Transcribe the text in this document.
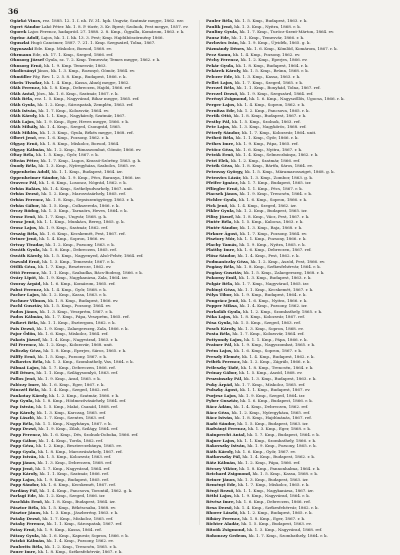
36
Ogárkó Vincs, rez. 1885. 12. 1. I. nh. IV. 31. hpk. Ungvár, Szatmár megye, 1862. ezr.
Ogert Sándor Lakó Péter. hk. 1. 8. P. tüzér, 3. Kr. Bpest; Szolnok, Pest megye, 1857. ev.
Ogorek Lajos Ferencz, hadapród. 27. 1888. 2. 8. Kmp., Ógyalla, Komárom, 1863. r. k.
Ogrinc Adolf, Lajos, hk. 1. I. hk. 13. 3. Pest; Kmp. Hajdúböszörmény 1866.
Oguszlai Hugó Cancimer, 1887. 7. 21. 1. Kmp. Szegszárd, Tolna, 1867.
Ogynszaki Ede. Kmp. Miskolcz, Borsod, 1868. ev.
Ohrmann Ede, nh. 17. 1. Kmp., Szeged, 1866. ref.
Ohnsorg József Gyula, sz. 7. 2. Kmp. Temesvár, Temes megye, 1862. r. k.
Ohnsorg Ernő, hk. 1. 9. Kmp. Temesvár, 1863.
Okolicsányi János, hk. 1. 3. Kmp., Rozsnyó, Gömör, 1864. ev.
Ohmüller Fáy, Rev. 1. 2. 5. 8. Kmp., Budapest, 1866. r. k.
Okrös Tivadar, hk. 1. 4. Kmp., Kassa, Abaúj megye, 1862.
Oláh Ferencz, hk. 1. 8. Kmp., Debreczen, Hajdú, 1866. ref.
Oláh Antal, Józs., hk. 1. 6. Kmp., Szatmár, 1867. r. k.
Oláh Béla, rez. 1. 5. Kmp., Nagyvárad, Bihar megye, 1865. ref.
Oláh Gyula, hk. 1. 2. Kmp., Sárospatak, Zemplén, 1863. ref.
Oláh István, hk. 1. 7. Kmp., Kolozsvár, 1864. ev.
Oláh Károly, hk. 1. 1. Kmp., Nagykároly, Szatmár, 1867.
Oláh Lajos, hk. 1. 9. Kmp., Eger, Heves megye, 1866. r. k.
Oláh Mihály, hk. 1. 4. Kmp., Szeged, Csongrád, 1865.
Oláh Miklós, hk. 1. 3. Kmp., Gyula, Békés megye, 1868. ref.
Olbert Jenő, rez. 1. 6. Kmp., Pozsony, 1862. r. k.
Olgyay Ernő, hk. 1. 8. Kmp., Miskolcz, Borsod, 1864.
Olgyay Kálmán, hk. 1. 2. Kmp., Rimaszombat, Gömör, 1866. ev.
Oltay Béla, hk. 1. 5. Kmp., Győr, 1867. r. k.
Olteán Péter, hk. 1. 7. Kmp., Lugos, Krassó-Szörény, 1863. g. k.
Ónody Béla, hk. 1. 3. Kmp., Nyíregyháza, Szabolcs, 1865. ev.
Oppenheim Adolf, hk. 1. 1. Kmp., Budapest, 1864. izr.
Oppenheimer Sándor, hk. 1. 9. Kmp., Pécs, Baranya, 1866. izr.
Oravecz Pál, hk. 1. 6. Kmp., Losoncz, Nógrád, 1862. r. k.
Orbán Balázs, hk. 1. 4. Kmp., Székelyudvarhely, 1867. unit.
Orbán Dezső, hk. 1. 2. Kmp., Marosvásárhely, 1865. ref.
Orbán Ferencz, hk. 1. 8. Kmp., Sepsiszentgyörgy, 1863. r. k.
Orbán Gábor, hk. 1. 5. Kmp., Csíkszereda, 1866. r. k.
Orczy Bódog, hk. 1. 3. Kmp., Tarnaörs, Heves, 1864. r. k.
Orosz Ernő, hk. 1. 7. Kmp., Ungvár, 1868. g. k.
Orosz Jenő, hk. 1. 1. Kmp., Munkács, Bereg, 1865. g. k.
Orosz Lajos, hk. 1. 9. Kmp., Szatmár, 1862. ref.
Ország Béla, hk. 1. 6. Kmp., Kecskemét, Pest, 1867. ref.
Ortner Jenő, hk. 1. 4. Kmp., Sopron, 1866. ev.
Ortvay Tivadar, hk. 1. 2. Kmp., Pozsony, 1863. r. k.
Osváth Gyula, hk. 1. 8. Kmp., Debreczen, 1865. ref.
Osváth Károly, hk. 1. 5. Kmp., Nagyenyed, Alsó-Fehér, 1864. ref.
Oszvald Ernő, hk. 1. 3. Kmp., Temesvár, 1867. r. k.
Ottlik Géza, hk. 1. 7. Kmp., Besztercze, 1862. ev.
Ottó Ferencz, hk. 1. 1. Kmp., Szabadka, Bács-Bodrog, 1866. r. k.
Ováry Lipót, hk. 1. 9. Kmp., Nagykanizsa, Zala, 1864. izr.
Ozoray Árpád, hk. 1. 6. Kmp., Komárom, 1865. ref.
Pabst Ferencz, hk. 1. 4. Kmp., Győr, 1868. r. k.
Pacher Lajos, hk. 1. 2. Kmp., Kassa, 1863. r. k.
Pachner Vilmos, hk. 1. 8. Kmp., Budapest, 1866. ev.
Pachl Gusztáv, hk. 1. 5. Kmp., Pozsony, 1864. ev.
Pados János, hk. 1. 3. Kmp., Veszprém, 1867. r. k.
Pados Kálmán, hk. 1. 7. Kmp., Pápa, Veszprém, 1865. ref.
Paikert Béla, hk. 1. 1. Kmp., Esztergom, 1862. r. k.
Pais Dezső, hk. 1. 9. Kmp., Zalaegerszeg, Zala, 1866. r. k.
Pajor Ödön, hk. 1. 6. Kmp., Miskolcz, 1864. ref.
Pakots József, hk. 1. 4. Kmp., Nagyvárad, 1863. r. k.
Pál Ferencz, hk. 1. 2. Kmp., Kolozsvár, 1868. unit.
Paliczky Géza, hk. 1. 8. Kmp., Eperjes, Sáros, 1865. r. k.
Pálffy Ernő, hk. 1. 5. Kmp., Pozsony, 1867. r. k.
Palkovics Béla, hk. 1. 3. Kmp., Szombathely, Vas, 1864. r. k.
Pálmai Lajos, hk. 1. 7. Kmp., Debreczen, 1866. ref.
Páll Dénes, hk. 1. 1. Kmp., Szilágysomlyó, 1863. ref.
Pallos Jenő, hk. 1. 9. Kmp., Arad, 1865. r. k.
Palóczy Imre, hk. 1. 6. Kmp., Eger, 1867. r. k.
Pánczél Béla, hk. 1. 4. Kmp., Szeged, 1862. ref.
Pankotay Károly, hk. 1. 2. Kmp., Szatmár, 1866. r. k.
Pap Gyula, hk. 1. 8. Kmp., Hódmezővásárhely, 1864. ref.
Pap István, hk. 1. 5. Kmp., Makó, Csanád, 1868. ref.
Pap Károly, hk. 1. 3. Kmp., Karczag, 1865. ref.
Pap László, hk. 1. 7. Kmp., Szentes, 1863. ref.
Papp Béla, hk. 1. 1. Kmp., Nagybánya, 1867. r. k.
Papp Dezső, hk. 1. 9. Kmp., Zilah, Szilágy, 1864. ref.
Papp Ferencz, hk. 1. 6. Kmp., Dés, Szolnok-Doboka, 1866. ref.
Papp Gábor, hk. 1. 4. Kmp., Torda, 1862. ref.
Papp Géza, hk. 1. 2. Kmp., Beszterczebánya, 1865. ev.
Papp Gyula, hk. 1. 8. Kmp., Marosvásárhely, 1867. ref.
Papp István, hk. 1. 5. Kmp., Kolozsvár, 1863. ref.
Papp János, hk. 1. 3. Kmp., Debreczen, 1868. ref.
Papp Jenő, hk. 1. 7. Kmp., Nagyvárad, 1864. ref.
Papp Károly, hk. 1. 1. Kmp., Szatmár, 1866. ref.
Papp Lajos, hk. 1. 9. Kmp., Budapest, 1865. ref.
Papp Sándor, hk. 1. 6. Kmp., Kecskemét, 1867. ref.
Pardány Pál, hk. 1. 4. Kmp., Pancsova, Torontál, 1862. g. k.
Parlagi Ede, hk. 1. 2. Kmp., Szeged, 1866. izr.
Paschkis Ernő, hk. 1. 8. Kmp., Budapest, 1864. izr.
Pásztor Béla, hk. 1. 5. Kmp., Békéscsaba, 1868. ev.
Pásztor János, hk. 1. 3. Kmp., Jászberény, 1863. r. k.
Pataky Dezső, hk. 1. 7. Kmp., Miskolcz, 1865. ref.
Pataky Ferencz, hk. 1. 1. Kmp., Sárospatak, 1867. ref.
Patay Ernő, hk. 1. 9. Kmp., Kassa, 1864. ref.
Pátzay Gyula, hk. 1. 6. Kmp., Kapuvár, Sopron, 1866. r. k.
Patzkó Kálmán, hk. 1. 4. Kmp., Pozsony, 1862. ev.
Paulovits Béla, hk. 1. 2. Kmp., Trencsén, 1865. r. k.
Pauer Imre, hk. 1. 8. Kmp., Székesfehérvár, 1867. r. k.
Pauler Béla, hk. 1. 5. Kmp., Budapest, 1863. r. k.
Paulik Jenő, hk. 1. 3. Kmp., Nyitra, 1868. r. k.
Pauliny Gyula, hk. 1. 7. Kmp., Turócz-Szent-Márton, 1864. ev.
Pausz Ede, hk. 1. 1. Kmp., Temesvár, 1866. r. k.
Pavlovics Iván, hk. 1. 9. Kmp., Újvidék, 1865. g. k.
Pázmándy Dénes, hk. 1. 6. Kmp., Kömlőd, Komárom, 1867. r. k.
Pecz Samu, hk. 1. 4. Kmp., Pozsony, 1862. ev.
Péchy Ferencz, hk. 1. 2. Kmp., Eperjes, 1866. ev.
Pekár Gyula, hk. 1. 8. Kmp., Budapest, 1864. r. k.
Pekárek Károly, hk. 1. 5. Kmp., Brünn, 1868. r. k.
Pelczer Ede, hk. 1. 3. Kmp., Kassa, 1863. r. k.
Pellet Lajos, hk. 1. 7. Kmp., Szeged, 1865. r. k.
Perczel Béla, hk. 1. 1. Kmp., Bonyhád, Tolna, 1867. ref.
Perczel Dezső, hk. 1. 9. Kmp., Szegszárd, 1864. ref.
Perényi Zsigmond, hk. 1. 6. Kmp., Nagyszőllős, Ugocsa, 1866. r. k.
Perger Lajos, hk. 1. 4. Kmp., Sopron, 1862. r. k.
Pernitza Ede, hk. 1. 2. Kmp., Pancsova, 1865. r. k.
Pertik Ottó, hk. 1. 8. Kmp., Budapest, 1867. r. k.
Pesthy Pál, hk. 1. 5. Kmp., Szolnok, 1863. ref.
Pete Lajos, hk. 1. 3. Kmp., Nagykőrös, 1868. ref.
Péterfy Sándor, hk. 1. 7. Kmp., Kolozsvár, 1864. unit.
Petheő Béla, hk. 1. 1. Kmp., Győr, 1866. r. k.
Pethes Imre, hk. 1. 9. Kmp., Pápa, 1865. ref.
Petőcz Géza, hk. 1. 6. Kmp., Nyitra, 1867. r. k.
Petrák Ernő, hk. 1. 4. Kmp., Selmeczbánya, 1862. r. k.
Petri Elek, hk. 1. 2. Kmp., Szatmár, 1866. ref.
Petrik Géza, hk. 1. 8. Kmp., Bártfa, Sáros, 1864. ev.
Petrovay György, hk. 1. 5. Kmp., Máramarossziget, 1868. g. k.
Petrovics Lázár, hk. 1. 3. Kmp., Zombor, 1863. g. k.
Pfeifer Ignácz, hk. 1. 7. Kmp., Budapest, 1865. izr.
Pfliegler Ernő, hk. 1. 1. Kmp., Pécs, 1867. r. k.
Piacsek János, hk. 1. 9. Kmp., Trencsén, 1864. r. k.
Pichler Gyula, hk. 1. 6. Kmp., Sopron, 1866. r. k.
Pick Jenő, hk. 1. 4. Kmp., Szeged, 1862. izr.
Pikler Gyula, hk. 1. 2. Kmp., Budapest, 1865. izr.
Pilisy József, hk. 1. 8. Kmp., Vácz, Pest, 1867. r. k.
Pintér Béla, hk. 1. 5. Kmp., Kalocsa, 1863. r. k.
Pintér Sándor, hk. 1. 3. Kmp., Baja, 1868. r. k.
Pirkner Ágost, hk. 1. 7. Kmp., Pozsony, 1864. ev.
Pisztory Mór, hk. 1. 1. Kmp., Pozsony, 1866. r. k.
Plachy Tamás, hk. 1. 9. Kmp., Nyitra, 1865. r. k.
Platthy Imre, hk. 1. 6. Kmp., Debreczen, 1867. ref.
Plósz Sándor, hk. 1. 4. Kmp., Pest, 1862. r. k.
Podmaniczky Géza, hk. 1. 2. Kmp., Aszód, Pest, 1866. ev.
Pogány Béla, hk. 1. 8. Kmp., Székesfehérvár, 1864. r. k.
Pogány Gusztáv, hk. 1. 5. Kmp., Zalaegerszeg, 1868. r. k.
Pokorny Emil, hk. 1. 3. Kmp., Budapest, 1863. r. k.
Polgár Béla, hk. 1. 7. Kmp., Nagyvárad, 1865. izr.
Polónyi Géza, hk. 1. 1. Kmp., Kecskemét, 1867. r. k.
Pólya Tibor, hk. 1. 9. Kmp., Budapest, 1864. r. k.
Pongrácz Jenő, hk. 1. 6. Kmp., Nyitra, 1866. r. k.
Popper Miksa, hk. 1. 4. Kmp., Pozsony, 1862. izr.
Porkoláb Gyula, hk. 1. 2. Kmp., Szombathely, 1865. r. k.
Póka Lajos, hk. 1. 8. Kmp., Kolozsvár, 1867. ref.
Pósa Gyula, hk. 1. 5. Kmp., Szeged, 1863. ref.
Posch Károly, hk. 1. 3. Kmp., Sopron, 1868. ev.
Posta Béla, hk. 1. 7. Kmp., Kolozsvár, 1864. ref.
Pottyondy Lajos, hk. 1. 1. Kmp., Pápa, 1866. r. k.
Prainer Pál, hk. 1. 9. Kmp., Nagyszombat, 1865. r. k.
Prém Lajos, hk. 1. 6. Kmp., Sopron, 1867. r. k.
Preszly Elemér, hk. 1. 4. Kmp., Budapest, 1862. r. k.
Pribék Ferencz, hk. 1. 2. Kmp., Zágráb, 1866. r. k.
Prileszky Tádé, hk. 1. 8. Kmp., Trencsén, 1864. r. k.
Prónay Gábor, hk. 1. 5. Kmp., Aszód, 1868. ev.
Pruzsinszky Pál, hk. 1. 3. Kmp., Budapest, 1863. r. k.
Puky Árpád, hk. 1. 7. Kmp., Miskolcz, 1865. ref.
Pulszky Ágost, hk. 1. 1. Kmp., Budapest, 1867. ev.
Purjesz Lajos, hk. 1. 9. Kmp., Szeged, 1864. izr.
Pyber Gusztáv, hk. 1. 6. Kmp., Budapest, 1866. r. k.
Rácz Ádám, hk. 1. 4. Kmp., Debreczen, 1862. ref.
Rácz Géza, hk. 1. 2. Kmp., Nyíregyháza, 1865. ref.
Rácz István, hk. 1. 8. Kmp., Hajdúnánás, 1867. ref.
Radó Sándor, hk. 1. 5. Kmp., Budapest, 1863. izr.
Radványi Ferencz, hk. 1. 3. Kmp., Eger, 1868. r. k.
Rainprecht Antal, hk. 1. 7. Kmp., Budapest, 1864. r. k.
Rajner Lajos, hk. 1. 1. Kmp., Szombathely, 1866. r. k.
Rakovszky István, hk. 1. 9. Kmp., Pozsony, 1865. r. k.
Ráth Károly, hk. 1. 6. Kmp., Győr, 1867. ev.
Ratkovszky Pál, hk. 1. 4. Kmp., Budapest, 1862. r. k.
Rátz Kálmán, hk. 1. 2. Kmp., Pápa, 1866. ref.
Récsey Viktor, hk. 1. 8. Kmp., Pannonhalma, 1864. r. k.
Reichard Zsigmond, hk. 1. 5. Kmp., Kassa, 1868. r. k.
Reiner János, hk. 1. 3. Kmp., Budapest, 1863. izr.
Reményi Ede, hk. 1. 7. Kmp., Miskolcz, 1865. r. k.
Rényi Rezső, hk. 1. 1. Kmp., Nagykanizsa, 1867. izr.
Réthi Lajos, hk. 1. 9. Kmp., Nagyvárad, 1864. r. k.
Révész Imre, hk. 1. 6. Kmp., Debreczen, 1866. ref.
Rexa Dezső, hk. 1. 4. Kmp., Székesfehérvár, 1862. r. k.
Rhorer László, hk. 1. 2. Kmp., Budapest, 1865. r. k.
Ribáry Ferencz, hk. 1. 8. Kmp., Eger, 1867. r. k.
Richter Aladár, hk. 1. 5. Kmp., Budapest, 1863. ev.
Ritoók Zsigmond, hk. 1. 3. Kmp., Nagyvárad, 1868. ref.
Rohonczy Gedeon, hk. 1. 7. Kmp., Szombathely, 1864. r. k.
